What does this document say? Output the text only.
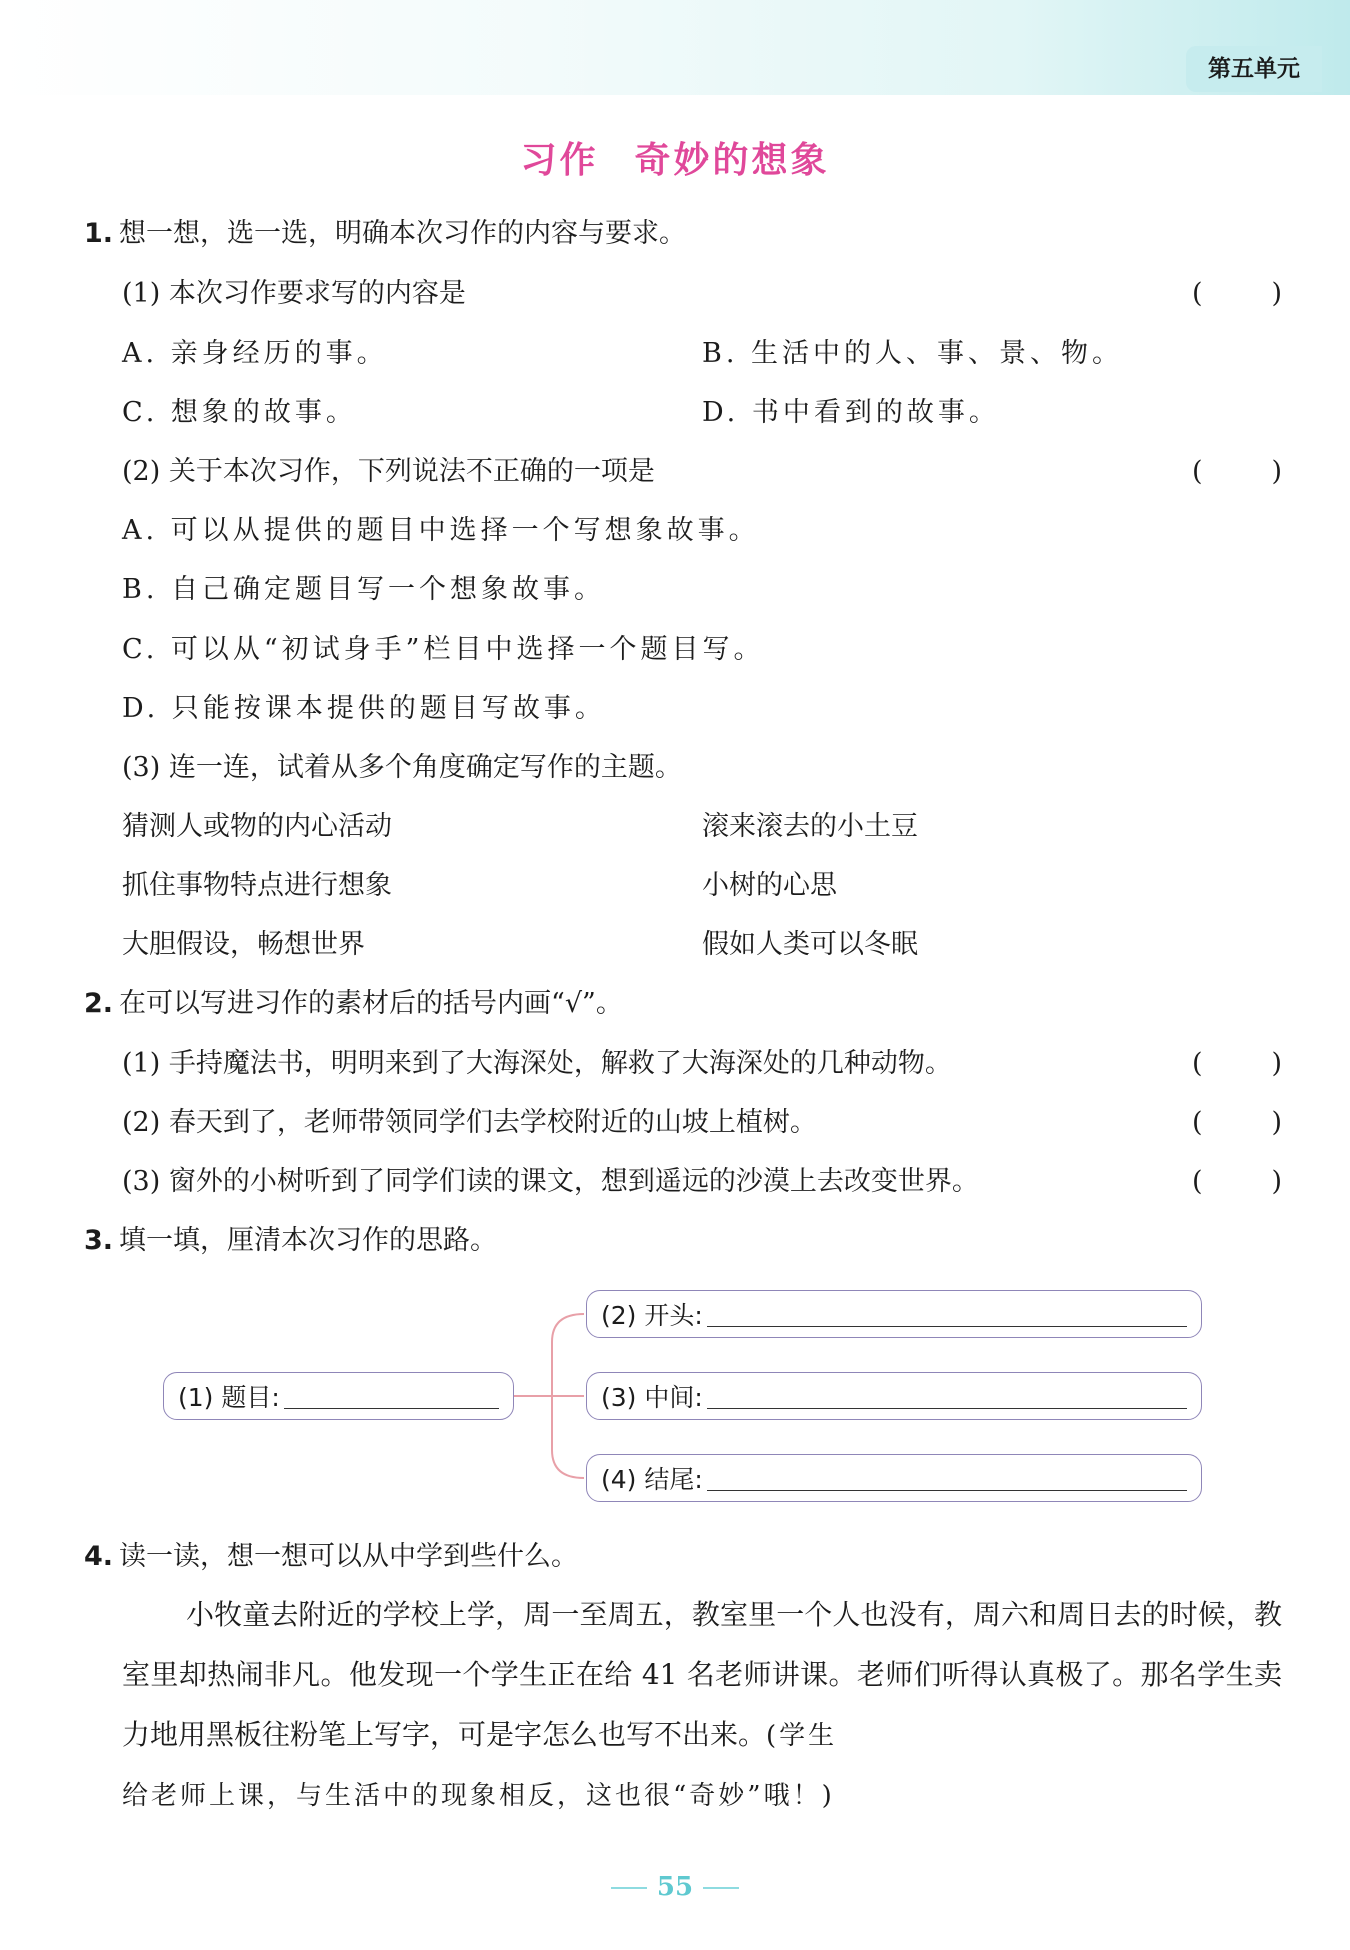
第五单元
习作 奇妙的想象
1. 想一想，选一选，明确本次习作的内容与要求。
(1) 本次习作要求写的内容是	(	)
A. 亲身经历的事。	B. 生活中的人、事、景、物。
C. 想象的故事。	D. 书中看到的故事。
(2) 关于本次习作，下列说法不正确的一项是	(	)
A. 可以从提供的题目中选择一个写想象故事。
B. 自己确定题目写一个想象故事。
C. 可以从“初试身手”栏目中选择一个题目写。
D. 只能按课本提供的题目写故事。
(3) 连一连，试着从多个角度确定写作的主题。
猜测人或物的内心活动	滚来滚去的小土豆
抓住事物特点进行想象	小树的心思
大胆假设，畅想世界	假如人类可以冬眠
2. 在可以写进习作的素材后的括号内画“√”。
(1) 手持魔法书，明明来到了大海深处，解救了大海深处的几种动物。	(	)
(2) 春天到了，老师带领同学们去学校附近的山坡上植树。	(	)
(3) 窗外的小树听到了同学们读的课文，想到遥远的沙漠上去改变世界。	(	)
3. 填一填，厘清本次习作的思路。
(1) 题目:
(2) 开头:
(3) 中间:
(4) 结尾:
4. 读一读，想一想可以从中学到些什么。

小牧童去附近的学校上学，周一至周五，教室里一个人也没有，周六和周日去的时候，教室里却热闹非凡。他发现一个学生正在给 41 名老师讲课。老师们听得认真极了。那名学生卖力地用黑板往粉笔上写字，可是字怎么也写不出来。(学生

给老师上课，与生活中的现象相反，这也很“奇妙”哦！)
55
